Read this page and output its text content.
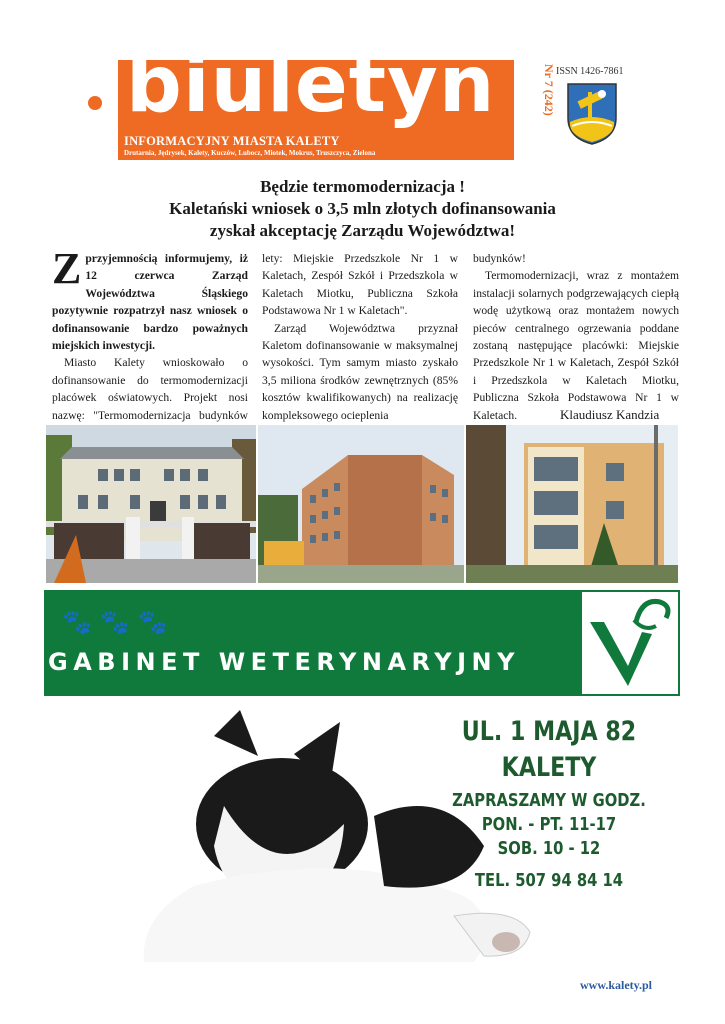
biuletyn
INFORMACYJNY MIASTA KALETY
Drutarnia, Jędrysek, Kalety, Kuczów, Lubocz, Miotek, Mokrus, Truszczyca, Zielona
Lipiec 2012
Cena 1 zł
Nr 7 (242) ISSN 1426-7861
Będzie termomodernizacja !
Kaletański wniosek o 3,5 mln złotych dofinansowania
zyskał akceptację Zarządu Województwa!

Zprzyjemnością informujemy, iż 12 czerwca Zarząd Województwa Śląskiego pozytywnie rozpatrzył nasz wniosek o dofinansowanie bardzo poważnych miejskich inwestycji.

Miasto Kalety wnioskowało o dofinansowanie do termomodernizacji placówek oświatowych. Projekt nosi nazwę: "Termomodernizacja budynków

lety: Miejskie Przedszkole Nr 1 w Kaletach, Zespół Szkół i Przedszkola w Kaletach Miotku, Publiczna Szkoła Podstawowa Nr 1 w Kaletach".

Zarząd Województwa przyznał Kaletom dofinansowanie w maksymalnej wysokości. Tym samym miasto zyskało 3,5 miliona środków zewnętrznych (85% kosztów kwalifikowanych) na realizację kompleksowego ocieplenia

budynków!

Termomodernizacji, wraz z montażem instalacji solarnych podgrzewających ciepłą wodę użytkową oraz montażem nowych pieców centralnego ogrzewania poddane zostaną następujące placówki: Miejskie Przedszkole Nr 1 w Kaletach, Zespół Szkół i Przedszkola w Kaletach Miotku, Publiczna Szkoła Podstawowa Nr 1 w Kaletach.	Klaudiusz Kandzia
🐾🐾🐾
GABINET WETERYNARYJNY
UL. 1 MAJA 82
KALETY
ZAPRASZAMY W GODZ.
PON. - PT. 11-17
SOB. 10 - 12
TEL. 507 94 84 14
www.kalety.pl
